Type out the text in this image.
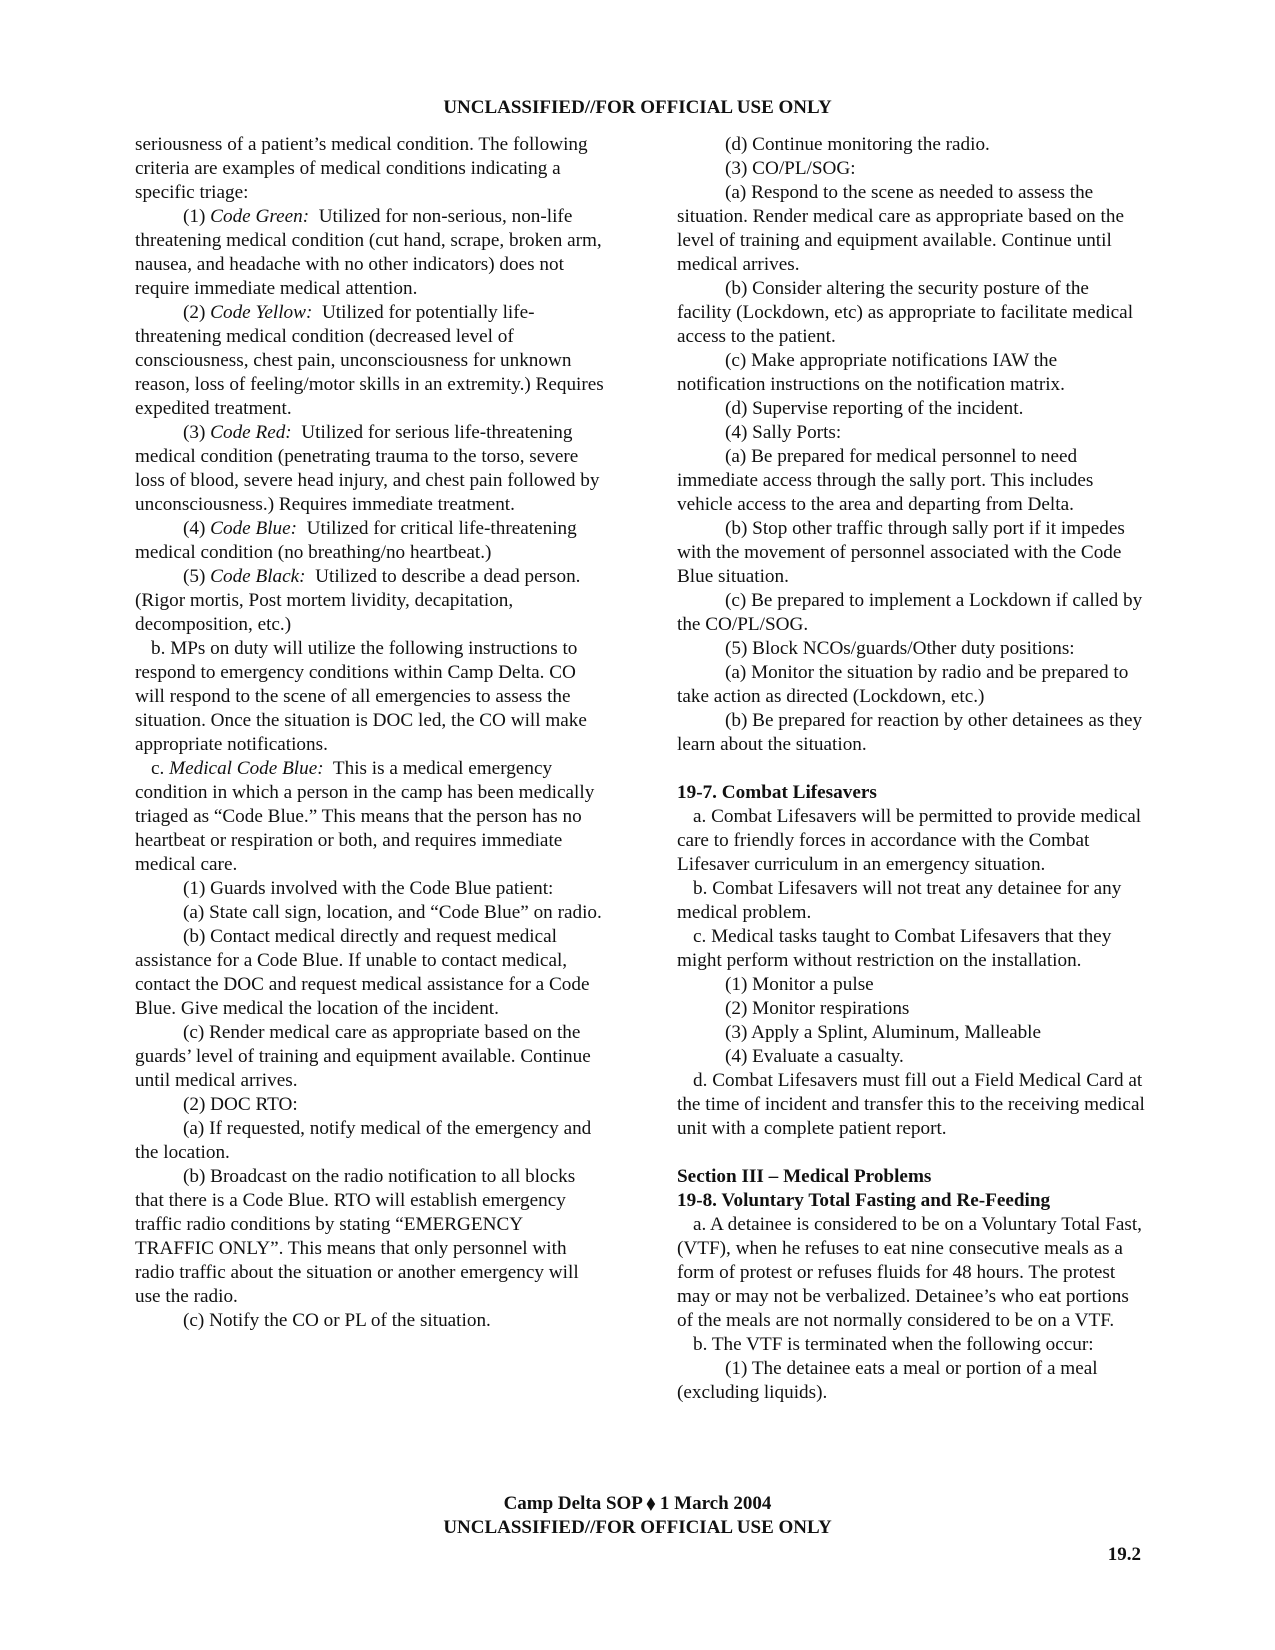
UNCLASSIFIED//FOR OFFICIAL USE ONLY

seriousness of a patient’s medical condition. The following criteria are examples of medical conditions indicating a specific triage:

(1) Code Green: Utilized for non-serious, non-life threatening medical condition (cut hand, scrape, broken arm, nausea, and headache with no other indicators) does not require immediate medical attention.

(2) Code Yellow: Utilized for potentially life-threatening medical condition (decreased level of consciousness, chest pain, unconsciousness for unknown reason, loss of feeling/motor skills in an extremity.) Requires expedited treatment.

(3) Code Red: Utilized for serious life-threatening medical condition (penetrating trauma to the torso, severe loss of blood, severe head injury, and chest pain followed by unconsciousness.) Requires immediate treatment.

(4) Code Blue: Utilized for critical life-threatening medical condition (no breathing/no heartbeat.)

(5) Code Black: Utilized to describe a dead person. (Rigor mortis, Post mortem lividity, decapitation, decomposition, etc.)

b. MPs on duty will utilize the following instructions to respond to emergency conditions within Camp Delta. CO will respond to the scene of all emergencies to assess the situation. Once the situation is DOC led, the CO will make appropriate notifications.

c. Medical Code Blue: This is a medical emergency condition in which a person in the camp has been medically triaged as “Code Blue.” This means that the person has no heartbeat or respiration or both, and requires immediate medical care.

(1) Guards involved with the Code Blue patient:

(a) State call sign, location, and “Code Blue” on radio.

(b) Contact medical directly and request medical assistance for a Code Blue. If unable to contact medical, contact the DOC and request medical assistance for a Code Blue. Give medical the location of the incident.

(c) Render medical care as appropriate based on the guards’ level of training and equipment available. Continue until medical arrives.

(2) DOC RTO:

(a) If requested, notify medical of the emergency and the location.

(b) Broadcast on the radio notification to all blocks that there is a Code Blue. RTO will establish emergency traffic radio conditions by stating “EMERGENCY TRAFFIC ONLY”. This means that only personnel with radio traffic about the situation or another emergency will use the radio.

(c) Notify the CO or PL of the situation.

(d) Continue monitoring the radio.

(3) CO/PL/SOG:

(a) Respond to the scene as needed to assess the situation. Render medical care as appropriate based on the level of training and equipment available. Continue until medical arrives.

(b) Consider altering the security posture of the facility (Lockdown, etc) as appropriate to facilitate medical access to the patient.

(c) Make appropriate notifications IAW the notification instructions on the notification matrix.

(d) Supervise reporting of the incident.

(4) Sally Ports:

(a) Be prepared for medical personnel to need immediate access through the sally port. This includes vehicle access to the area and departing from Delta.

(b) Stop other traffic through sally port if it impedes with the movement of personnel associated with the Code Blue situation.

(c) Be prepared to implement a Lockdown if called by the CO/PL/SOG.

(5) Block NCOs/guards/Other duty positions:

(a) Monitor the situation by radio and be prepared to take action as directed (Lockdown, etc.)

(b) Be prepared for reaction by other detainees as they learn about the situation.

19-7. Combat Lifesavers

a. Combat Lifesavers will be permitted to provide medical care to friendly forces in accordance with the Combat Lifesaver curriculum in an emergency situation.

b. Combat Lifesavers will not treat any detainee for any medical problem.

c. Medical tasks taught to Combat Lifesavers that they might perform without restriction on the installation.

(1) Monitor a pulse

(2) Monitor respirations

(3) Apply a Splint, Aluminum, Malleable

(4) Evaluate a casualty.

d. Combat Lifesavers must fill out a Field Medical Card at the time of incident and transfer this to the receiving medical unit with a complete patient report.

Section III – Medical Problems

19-8. Voluntary Total Fasting and Re-Feeding

a. A detainee is considered to be on a Voluntary Total Fast, (VTF), when he refuses to eat nine consecutive meals as a form of protest or refuses fluids for 48 hours. The protest may or may not be verbalized. Detainee’s who eat portions of the meals are not normally considered to be on a VTF.

b. The VTF is terminated when the following occur:

(1) The detainee eats a meal or portion of a meal (excluding liquids).

Camp Delta SOP ⬧ 1 March 2004
UNCLASSIFIED//FOR OFFICIAL USE ONLY
19.2
